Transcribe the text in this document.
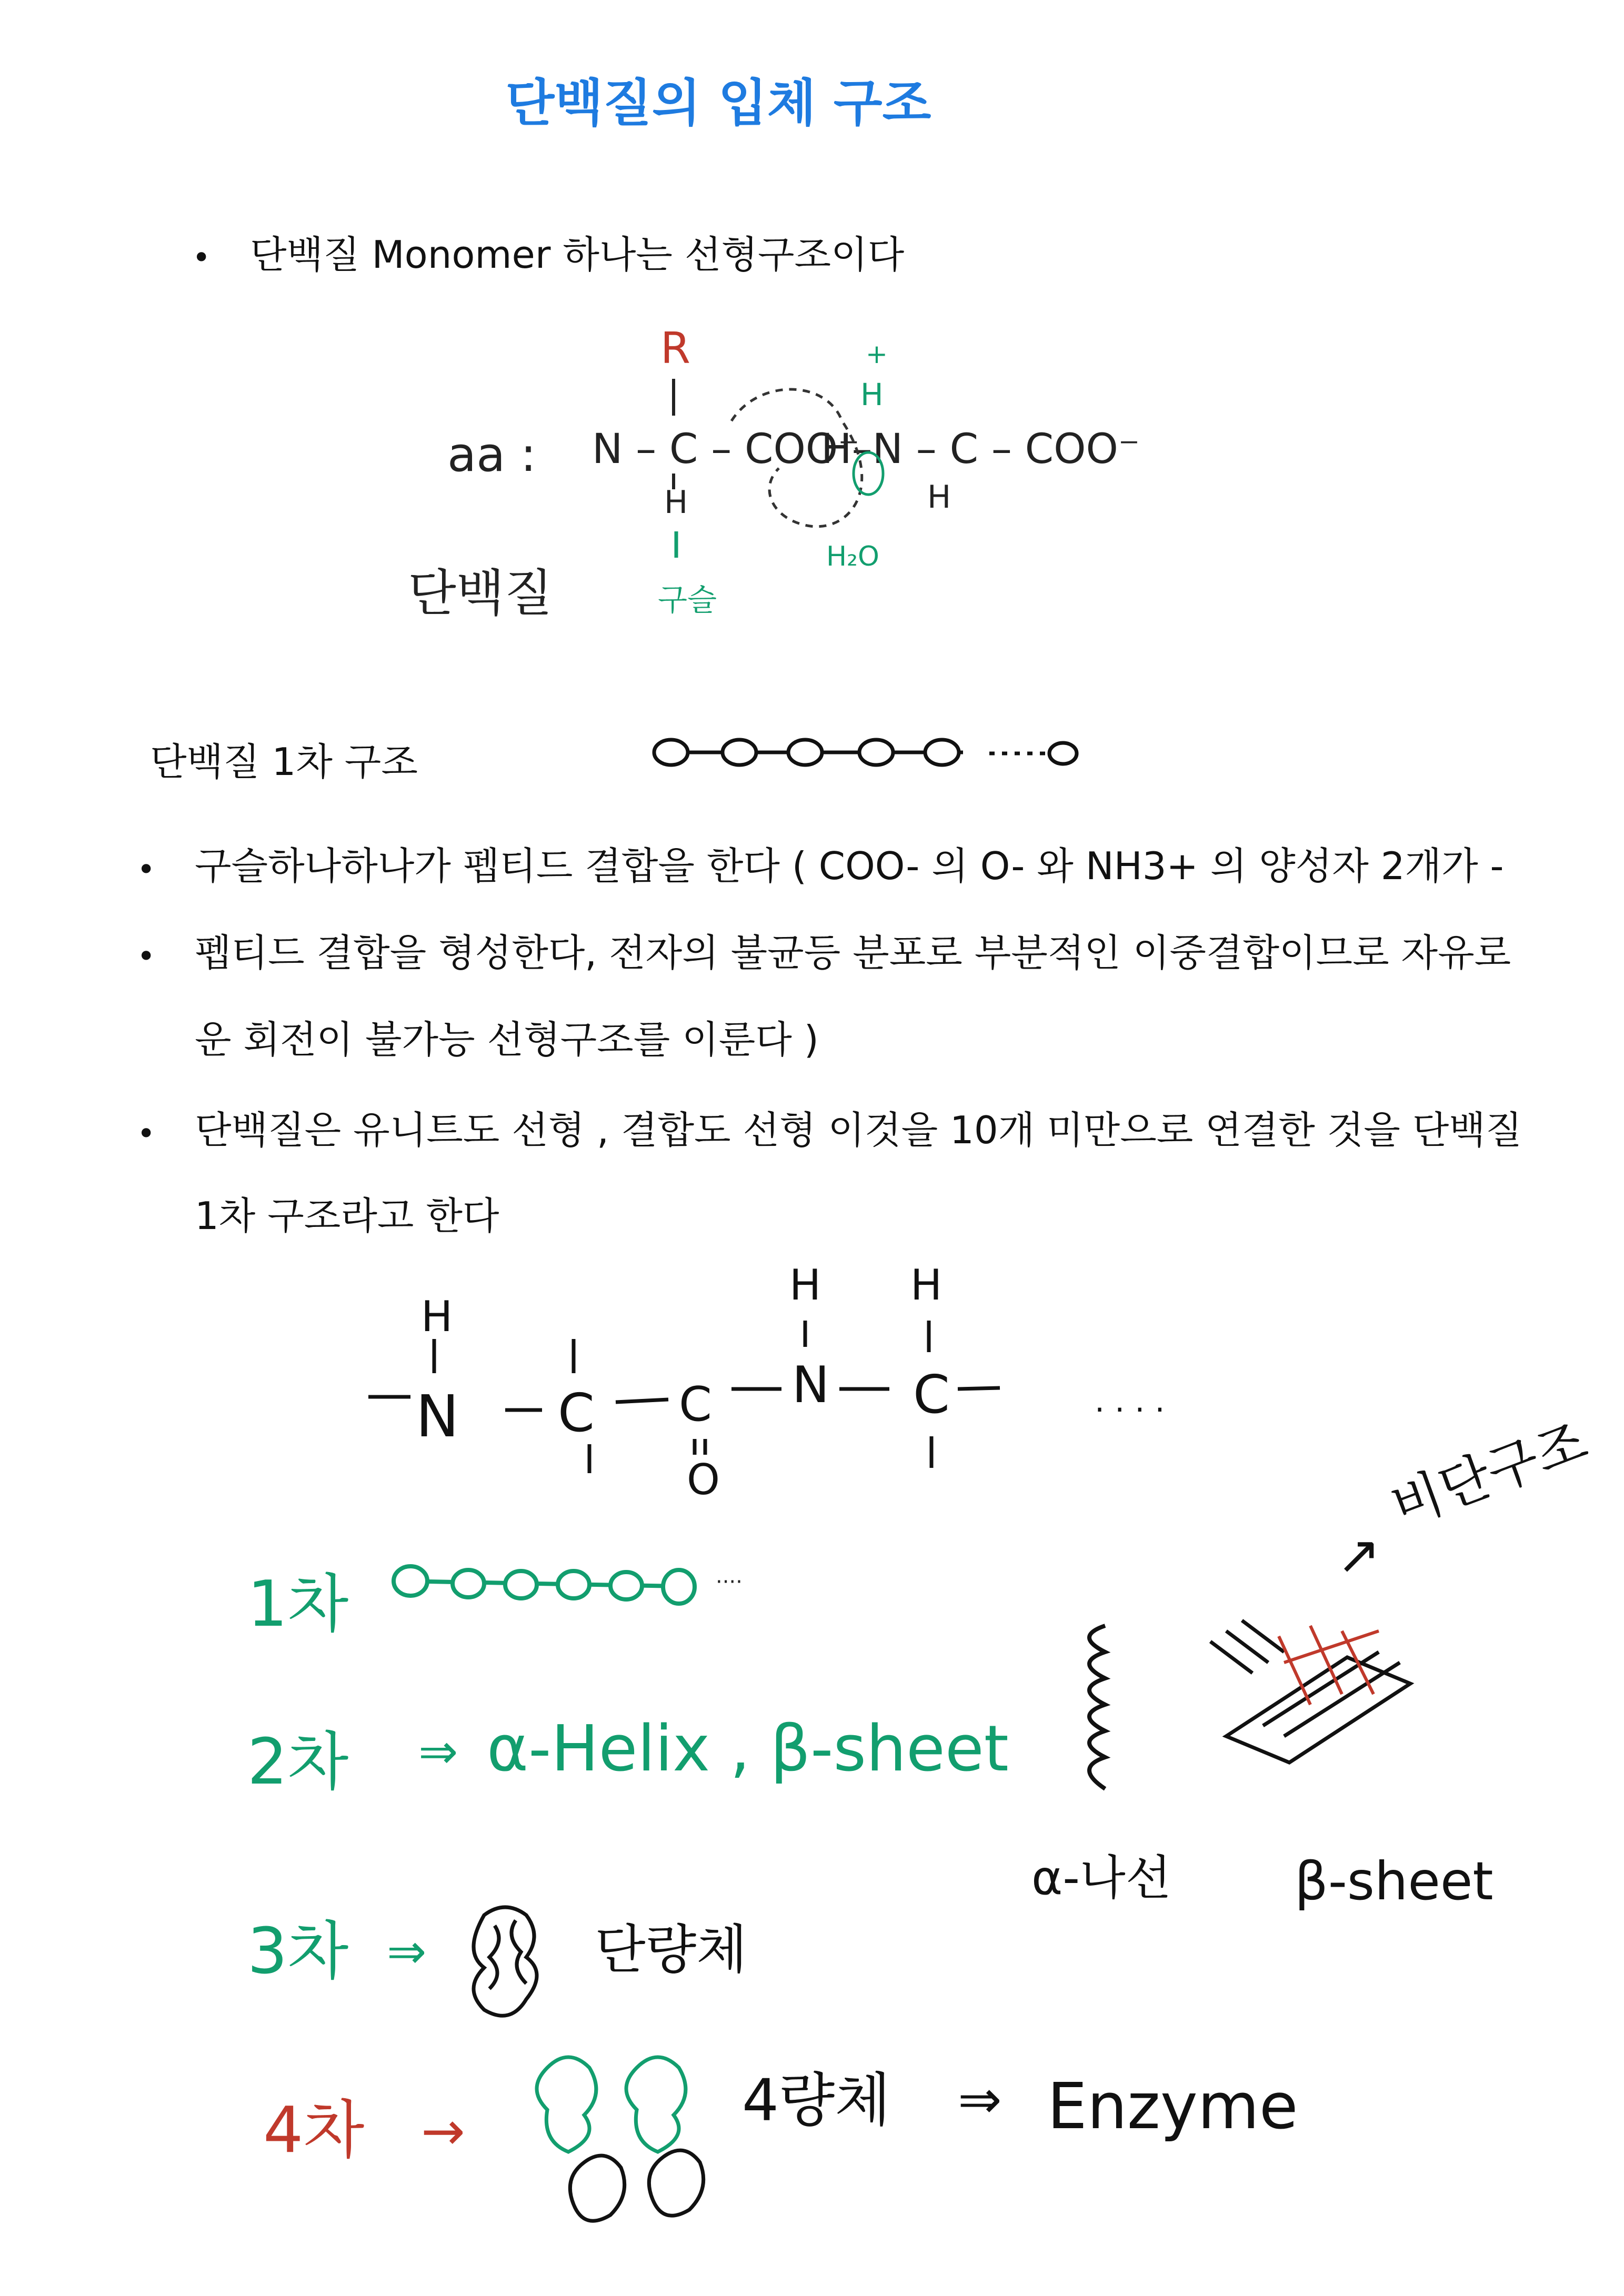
단백질의 입체 구조
• 단백질 Monomer 하나는 선형구조이다
R
aa : N – C – COO⁻
H
구슬
단백질
+
H
H–N – C – COO⁻
H
H₂O
단백질 1차 구조
• 구슬하나하나가 펩티드 결합을 한다 ( COO- 의 O- 와 NH3+ 의 양성자 2개가 -
• 펩티드 결합을 형성한다, 전자의 불균등 분포로 부분적인 이중결합이므로 자유로
운 회전이 불가능 선형구조를 이룬다 )
• 단백질은 유니트도 선형 , 결합도 선형 이것을 10개 미만으로 연결한 것을 단백질
1차 구조라고 한다
H
N C C
O
H
N
H
C	· · · ·
1차	····	↗
비단구조
2차 ⇒ α-Helix , β-sheet
α-나선 β-sheet
3차 ⇒	단량체
4차 →	4량체 ⇒ Enzyme
